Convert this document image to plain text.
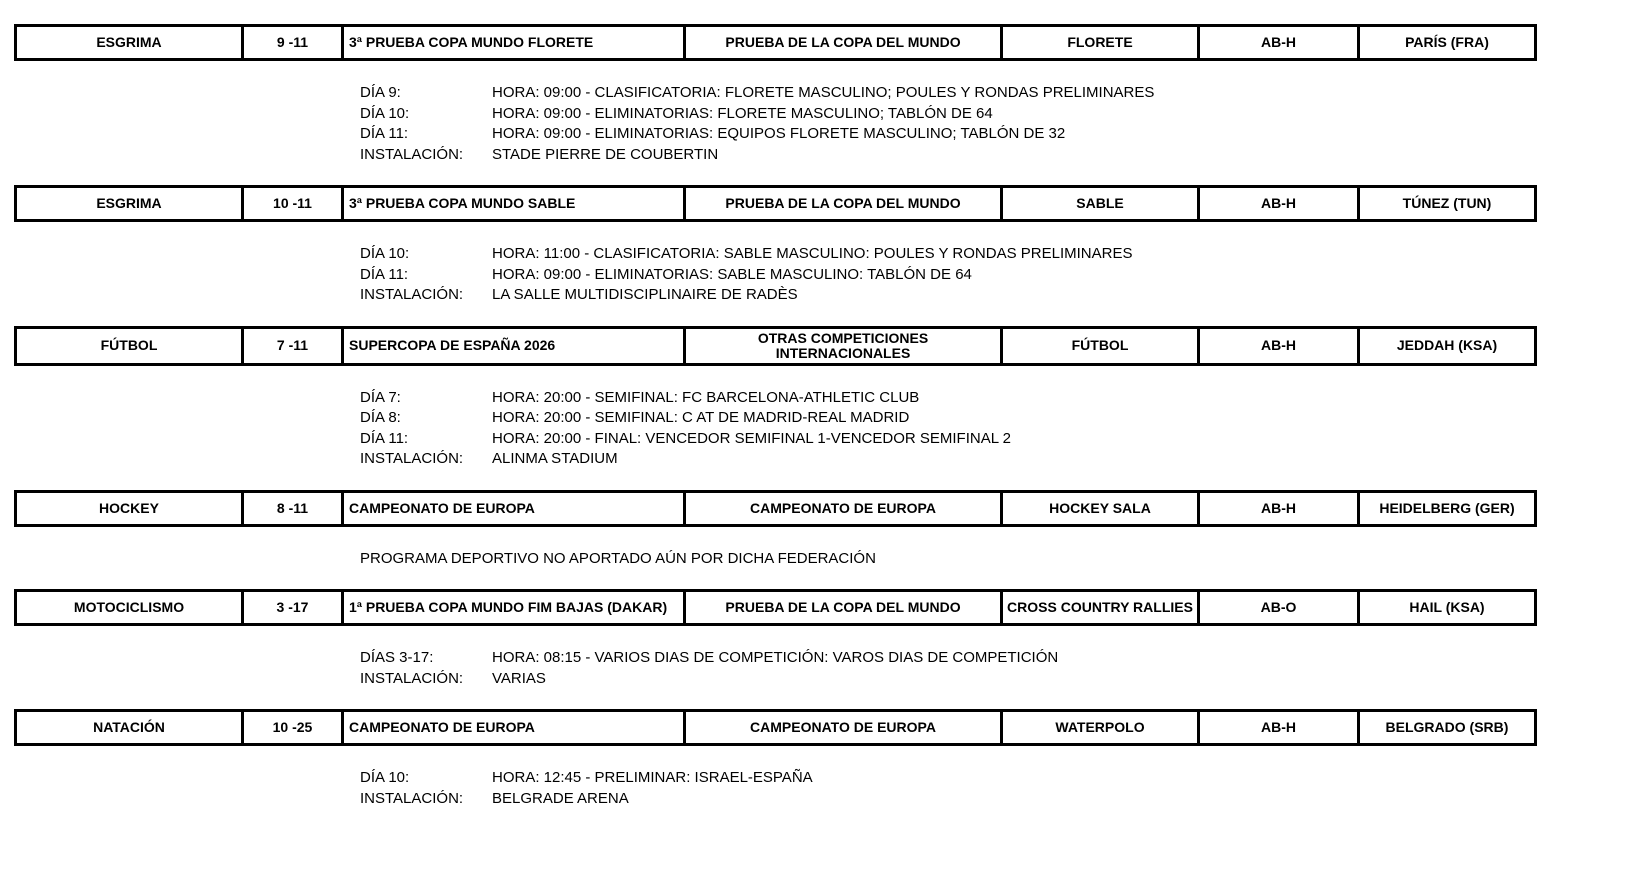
ESGRIMA	9 -11	3ª PRUEBA COPA MUNDO FLORETE	PRUEBA DE LA COPA DEL MUNDO	FLORETE	AB-H	PARÍS (FRA)
DÍA 9:	HORA: 09:00 - CLASIFICATORIA: FLORETE MASCULINO; POULES Y RONDAS PRELIMINARES
DÍA 10:	HORA: 09:00 - ELIMINATORIAS: FLORETE MASCULINO; TABLÓN DE 64
DÍA 11:	HORA: 09:00 - ELIMINATORIAS: EQUIPOS FLORETE MASCULINO; TABLÓN DE 32
INSTALACIÓN:	STADE PIERRE DE COUBERTIN
ESGRIMA	10 -11	3ª PRUEBA COPA MUNDO SABLE	PRUEBA DE LA COPA DEL MUNDO	SABLE	AB-H	TÚNEZ (TUN)
DÍA 10:	HORA: 11:00 - CLASIFICATORIA: SABLE MASCULINO: POULES Y RONDAS PRELIMINARES
DÍA 11:	HORA: 09:00 - ELIMINATORIAS: SABLE MASCULINO: TABLÓN DE 64
INSTALACIÓN:	LA SALLE MULTIDISCIPLINAIRE DE RADÈS
FÚTBOL	7 -11	SUPERCOPA DE ESPAÑA 2026	OTRAS COMPETICIONES INTERNACIONALES	FÚTBOL	AB-H	JEDDAH (KSA)
DÍA 7:	HORA: 20:00 - SEMIFINAL: FC BARCELONA-ATHLETIC CLUB
DÍA 8:	HORA: 20:00 - SEMIFINAL: C AT DE MADRID-REAL MADRID
DÍA 11:	HORA: 20:00 - FINAL: VENCEDOR SEMIFINAL 1-VENCEDOR SEMIFINAL 2
INSTALACIÓN:	ALINMA STADIUM
HOCKEY	8 -11	CAMPEONATO DE EUROPA	CAMPEONATO DE EUROPA	HOCKEY SALA	AB-H	HEIDELBERG (GER)
PROGRAMA DEPORTIVO NO APORTADO AÚN POR DICHA FEDERACIÓN
MOTOCICLISMO	3 -17	1ª PRUEBA COPA MUNDO FIM BAJAS (DAKAR)	PRUEBA DE LA COPA DEL MUNDO	CROSS COUNTRY RALLIES	AB-O	HAIL (KSA)
DÍAS 3-17:	HORA: 08:15 - VARIOS DIAS DE COMPETICIÓN: VAROS DIAS DE COMPETICIÓN
INSTALACIÓN:	VARIAS
NATACIÓN	10 -25	CAMPEONATO DE EUROPA	CAMPEONATO DE EUROPA	WATERPOLO	AB-H	BELGRADO (SRB)
DÍA 10:	HORA: 12:45 - PRELIMINAR: ISRAEL-ESPAÑA
INSTALACIÓN:	BELGRADE ARENA
